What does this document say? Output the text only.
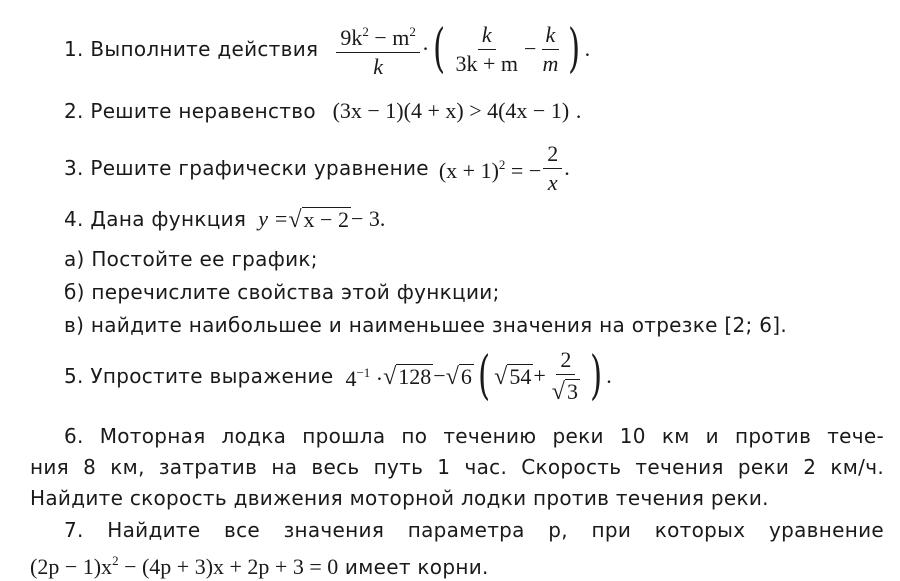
1. Выполните действия $\frac{9k^2 - m^2}{k}$ · ( $\frac{k}{3k + m} - \frac{k}{m}$ ) .
2. Решите неравенство (3x − 1)(4 + x) > 4(4x − 1) .
3. Решите графически уравнение $(x + 1)^2$ = − $\frac{2}{x}$ .
4. Дана функция y = √ x − 2 − 3 .
а) Постойте ее график;
б) перечислите свойства этой функции;
в) найдите наибольшее и наименьшее значения на отрезке [2; 6].
5. Упростите выражение $4^{-1}$ · √ 128 − √ 6 ( √ $54 + \frac{2}{√ 3}$ ) .
6. Моторная лодка прошла по течению реки 10 км и против тече-
ния 8 км, затратив на весь путь 1 час. Скорость течения реки 2 км/ч.
Найдите скорость движения моторной лодки против течения реки.
7. Найдите все значения параметра p, при которых уравнение
$(2p - 1)x^2 - (4p + 3)x + 2p + 3 = 0$ имеет корни.
